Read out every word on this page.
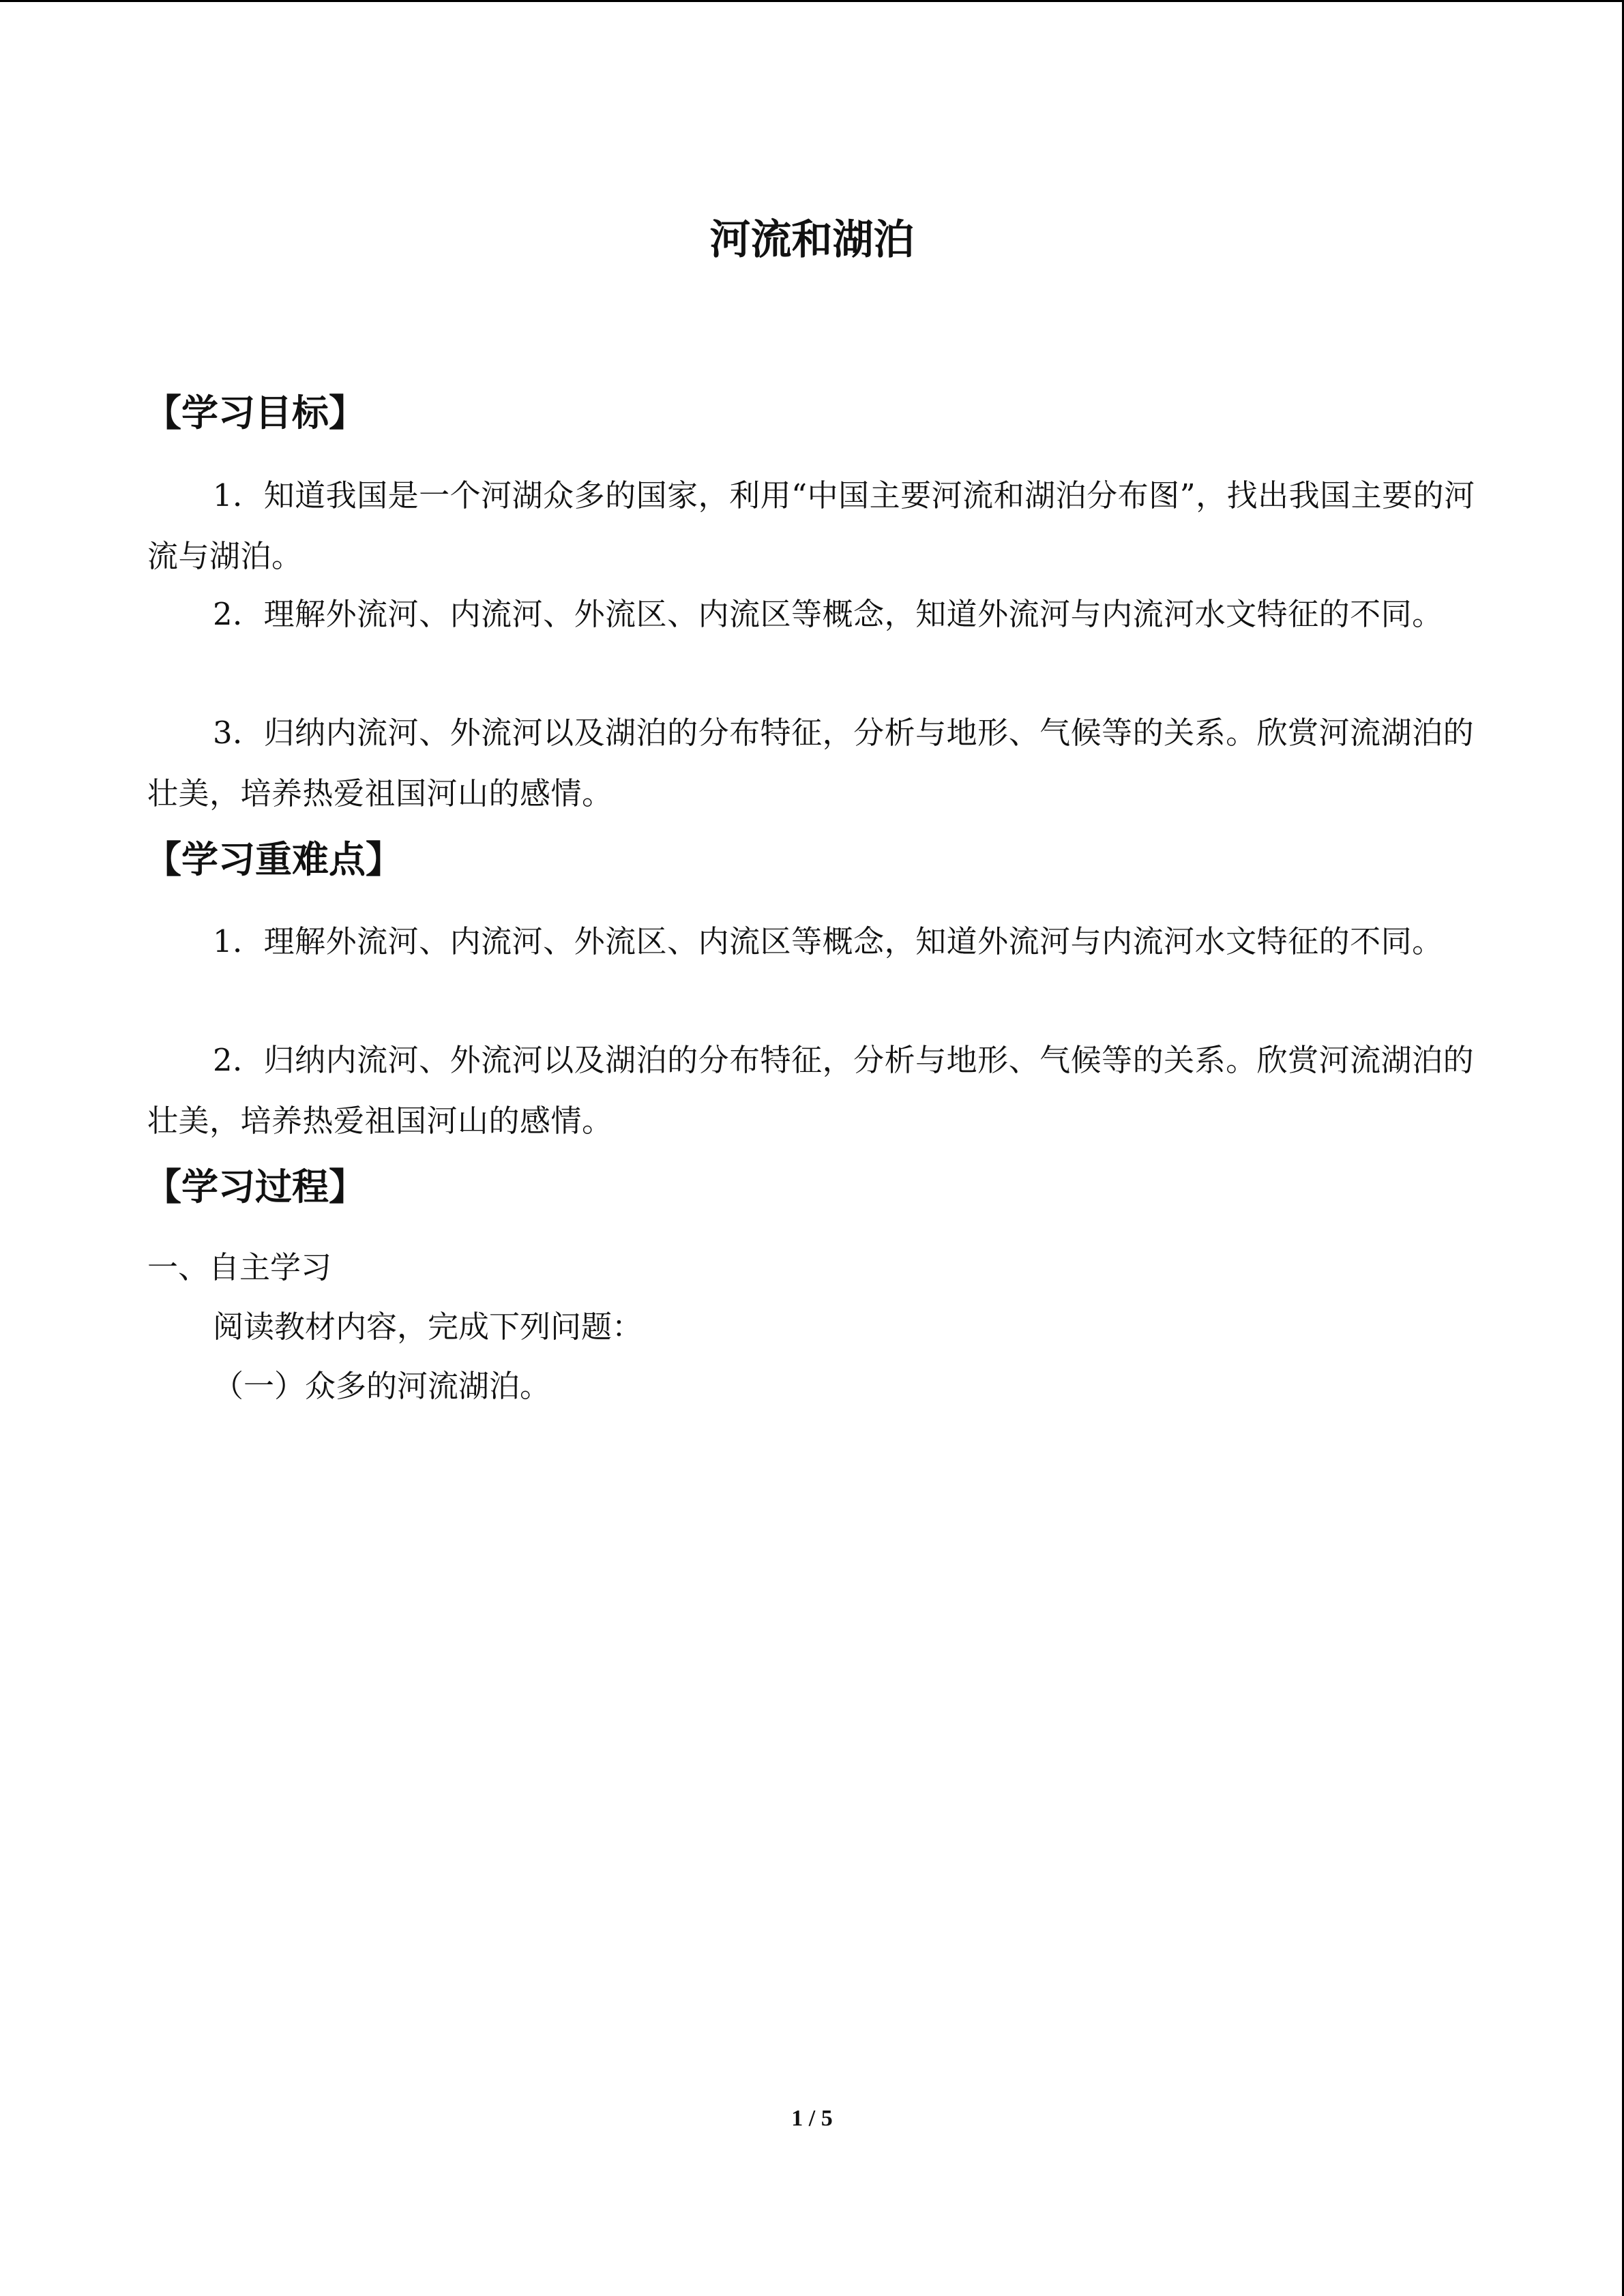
河流和湖泊
【学习目标】

1．知道我国是一个河湖众多的国家，利用“中国主要河流和湖泊分布图”，找出我国主要的河流与湖泊。

2．理解外流河、内流河、外流区、内流区等概念，知道外流河与内流河水文特征的不同。

3．归纳内流河、外流河以及湖泊的分布特征，分析与地形、气候等的关系。欣赏河流湖泊的壮美，培养热爱祖国河山的感情。

【学习重难点】

1．理解外流河、内流河、外流区、内流区等概念，知道外流河与内流河水文特征的不同。

2．归纳内流河、外流河以及湖泊的分布特征，分析与地形、气候等的关系。欣赏河流湖泊的壮美，培养热爱祖国河山的感情。

【学习过程】

一、自主学习

阅读教材内容，完成下列问题：

（一）众多的河流湖泊。

1 / 5
